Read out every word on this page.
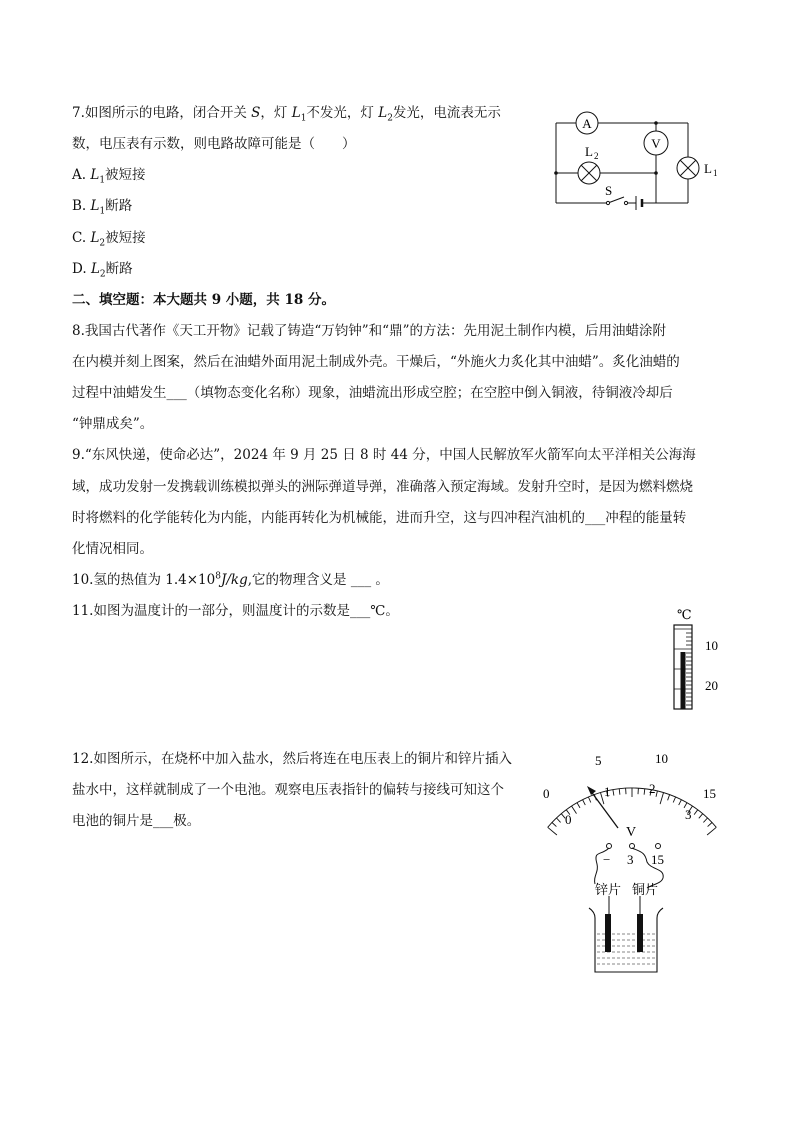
7.如图所示的电路，闭合开关 S，灯 $L_1$不发光，灯 $L_2$发光，电流表无示
数，电压表有示数，则电路故障可能是（　　）
A. $L_1$被短接
B. $L_1$断路
C. $L_2$被短接
D. $L_2$断路
A
V
L 2
L 1
S
二、填空题：本大题共 9 小题，共 18 分。
8.我国古代著作《天工开物》记载了铸造“万钧钟”和“鼎”的方法：先用泥土制作内模，后用油蜡涂附
在内模并刻上图案，然后在油蜡外面用泥土制成外壳。干燥后，“外施火力炙化其中油蜡”。炙化油蜡的
过程中油蜡发生___（填物态变化名称）现象，油蜡流出形成空腔；在空腔中倒入铜液，待铜液冷却后
“钟鼎成矣”。
9.“东风快递，使命必达”，2024 年 9 月 25 日 8 时 44 分，中国人民解放军火箭军向太平洋相关公海海
域，成功发射一发携载训练模拟弹头的洲际弹道导弹，准确落入预定海域。发射升空时，是因为燃料燃烧
时将燃料的化学能转化为内能，内能再转化为机械能，进而升空，这与四冲程汽油机的___冲程的能量转
化情况相同。
10.氢的热值为 $1.4\times 10^8J/kg$,它的物理含义是 ___ 。
11.如图为温度计的一部分，则温度计的示数是___℃。	℃
10
20
12.如图所示，在烧杯中加入盐水，然后将连在电压表上的铜片和锌片插入
盐水中，这样就制成了一个电池。观察电压表指针的偏转与接线可知这个
电池的铜片是___极。
0
5	10
15
0
1	2
3
V
− 3 15
锌片 铜片
